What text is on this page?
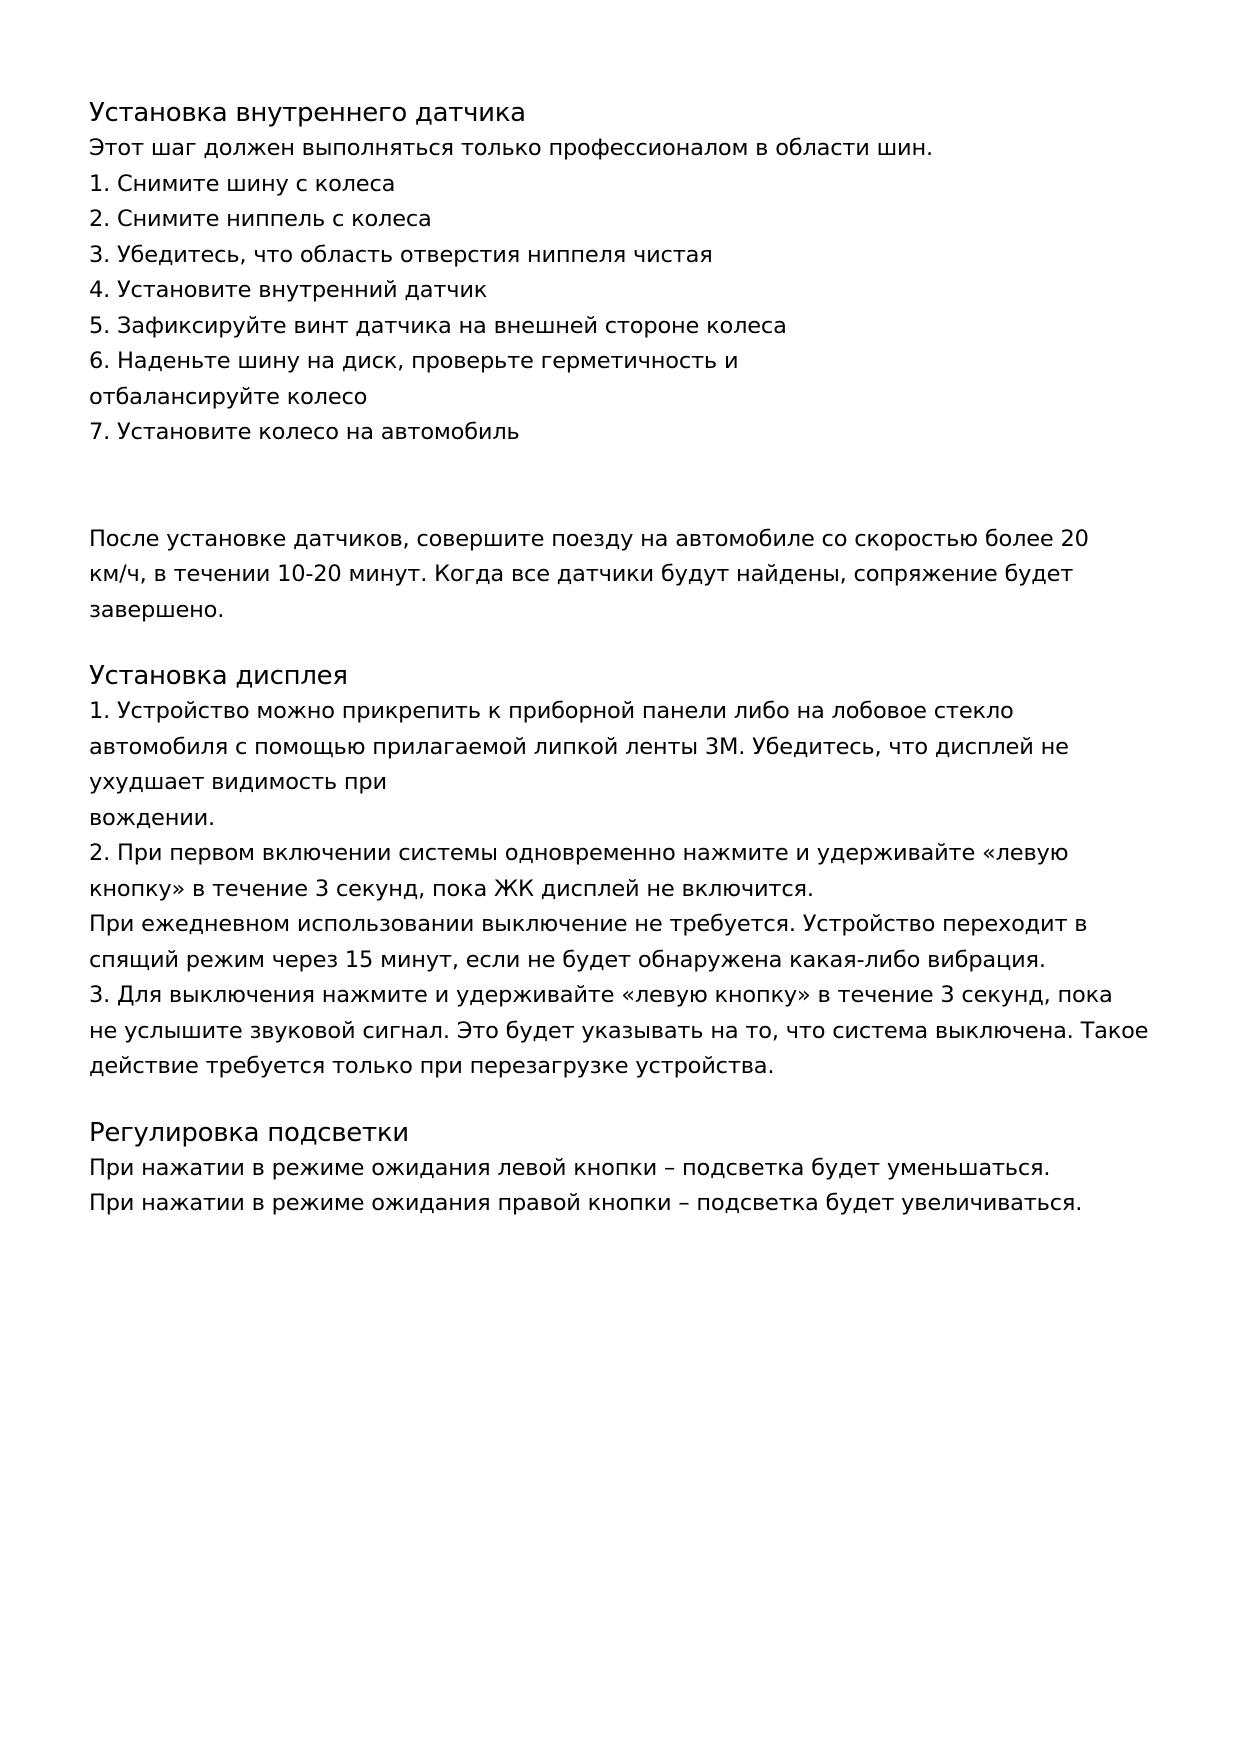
Установка внутреннего датчика

Этот шаг должен выполняться только профессионалом в области шин.

1. Снимите шину с колеса

2. Снимите ниппель с колеса

3. Убедитесь, что область отверстия ниппеля чистая

4. Установите внутренний датчик

5. Зафиксируйте винт датчика на внешней стороне колеса

6. Наденьте шину на диск, проверьте герметичность и

отбалансируйте колесо

7. Установите колесо на автомобиль

После установке датчиков, совершите поезду на автомобиле со скоростью более 20

км/ч, в течении 10-20 минут. Когда все датчики будут найдены, сопряжение будет

завершено.

Установка дисплея

1. Устройство можно прикрепить к приборной панели либо на лобовое стекло

автомобиля с помощью прилагаемой липкой ленты 3M. Убедитесь, что дисплей не

ухудшает видимость при

вождении.

2. При первом включении системы одновременно нажмите и удерживайте «левую

кнопку» в течение 3 секунд, пока ЖК дисплей не включится.

При ежедневном использовании выключение не требуется. Устройство переходит в

спящий режим через 15 минут, если не будет обнаружена какая-либо вибрация.

3. Для выключения нажмите и удерживайте «левую кнопку» в течение 3 секунд, пока

не услышите звуковой сигнал. Это будет указывать на то, что система выключена. Такое

действие требуется только при перезагрузке устройства.

Регулировка подсветки

При нажатии в режиме ожидания левой кнопки – подсветка будет уменьшаться.

При нажатии в режиме ожидания правой кнопки – подсветка будет увеличиваться.
